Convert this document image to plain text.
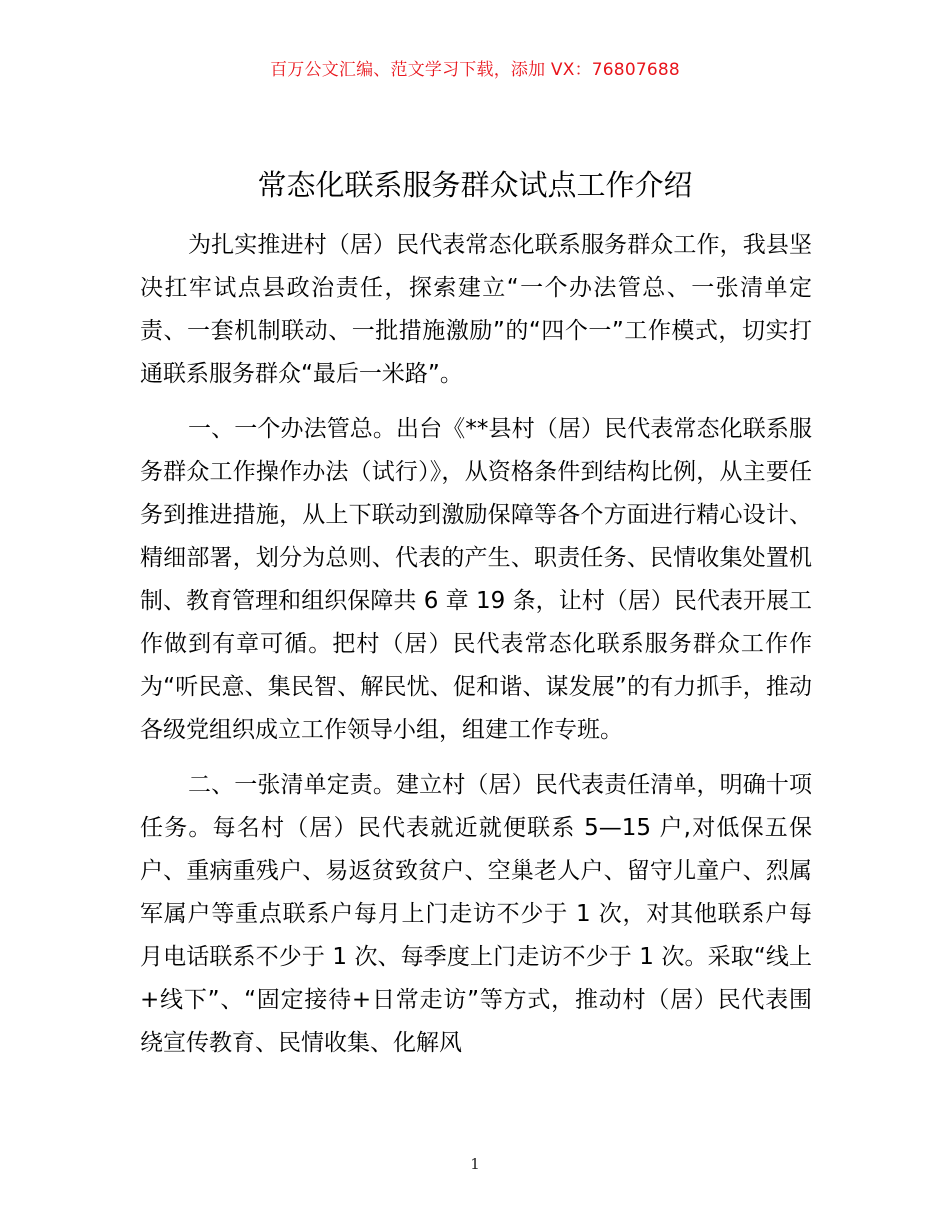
百万公文汇编、范文学习下载，添加 VX：76807688
常态化联系服务群众试点工作介绍

为扎实推进村（居）民代表常态化联系服务群众工作，我县坚决扛牢试点县政治责任，探索建立“一个办法管总、一张清单定责、一套机制联动、一批措施激励”的“四个一”工作模式，切实打通联系服务群众“最后一米路”。

一、一个办法管总。出台《**县村（居）民代表常态化联系服务群众工作操作办法（试行）》，从资格条件到结构比例，从主要任务到推进措施，从上下联动到激励保障等各个方面进行精心设计、精细部署，划分为总则、代表的产生、职责任务、民情收集处置机制、教育管理和组织保障共 6 章 19 条，让村（居）民代表开展工作做到有章可循。把村（居）民代表常态化联系服务群众工作作为“听民意、集民智、解民忧、促和谐、谋发展”的有力抓手，推动各级党组织成立工作领导小组，组建工作专班。

二、一张清单定责。建立村（居）民代表责任清单，明确十项任务。每名村（居）民代表就近就便联系 5—15 户,对低保五保户、重病重残户、易返贫致贫户、空巢老人户、留守儿童户、烈属军属户等重点联系户每月上门走访不少于 1 次，对其他联系户每月电话联系不少于 1 次、每季度上门走访不少于 1 次。采取“线上+线下”、“固定接待+日常走访”等方式，推动村（居）民代表围绕宣传教育、民情收集、化解风

1
